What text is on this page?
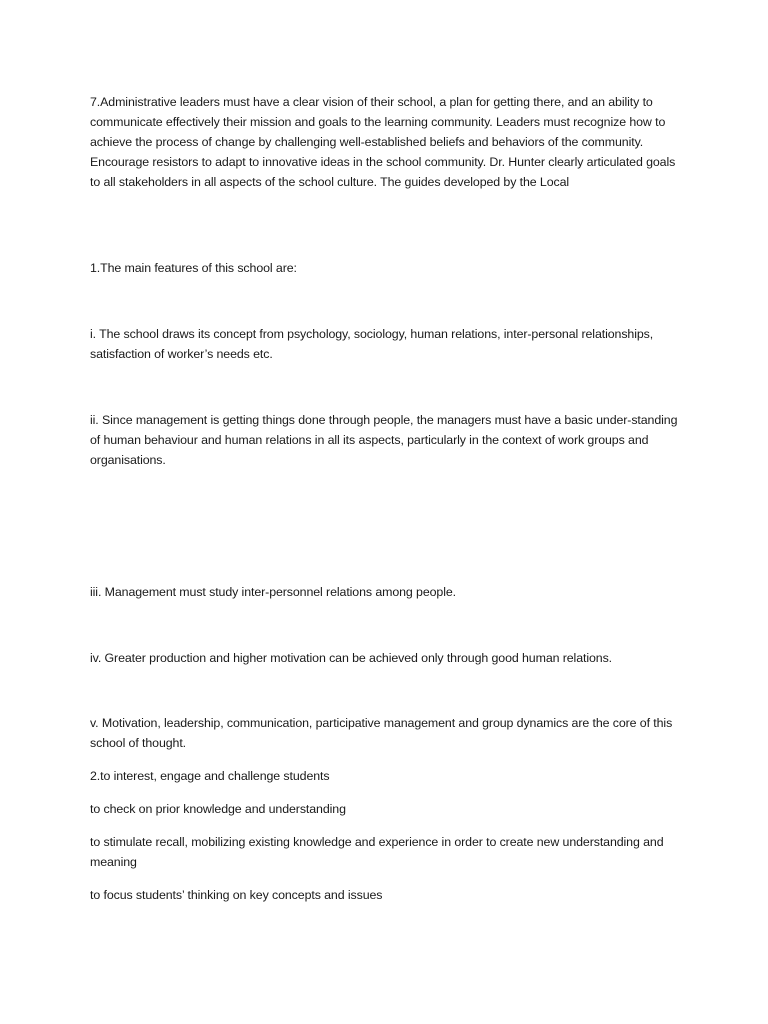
7.Administrative leaders must have a clear vision of their school, a plan for getting there, and an ability to communicate effectively their mission and goals to the learning community. Leaders must recognize how to achieve the process of change by challenging well-established beliefs and behaviors of the community. Encourage resistors to adapt to innovative ideas in the school community. Dr. Hunter clearly articulated goals to all stakeholders in all aspects of the school culture. The guides developed by the Local

1.The main features of this school are:

i. The school draws its concept from psychology, sociology, human relations, inter-personal relationships, satisfaction of worker’s needs etc.

ii. Since management is getting things done through people, the managers must have a basic under-standing of human behaviour and human relations in all its aspects, particularly in the context of work groups and organisations.

iii. Management must study inter-personnel relations among people.

iv. Greater production and higher motivation can be achieved only through good human relations.

v. Motivation, leadership, communication, participative management and group dynamics are the core of this school of thought.

2.to interest, engage and challenge students

to check on prior knowledge and understanding

to stimulate recall, mobilizing existing knowledge and experience in order to create new understanding and meaning

to focus students’ thinking on key concepts and issues
